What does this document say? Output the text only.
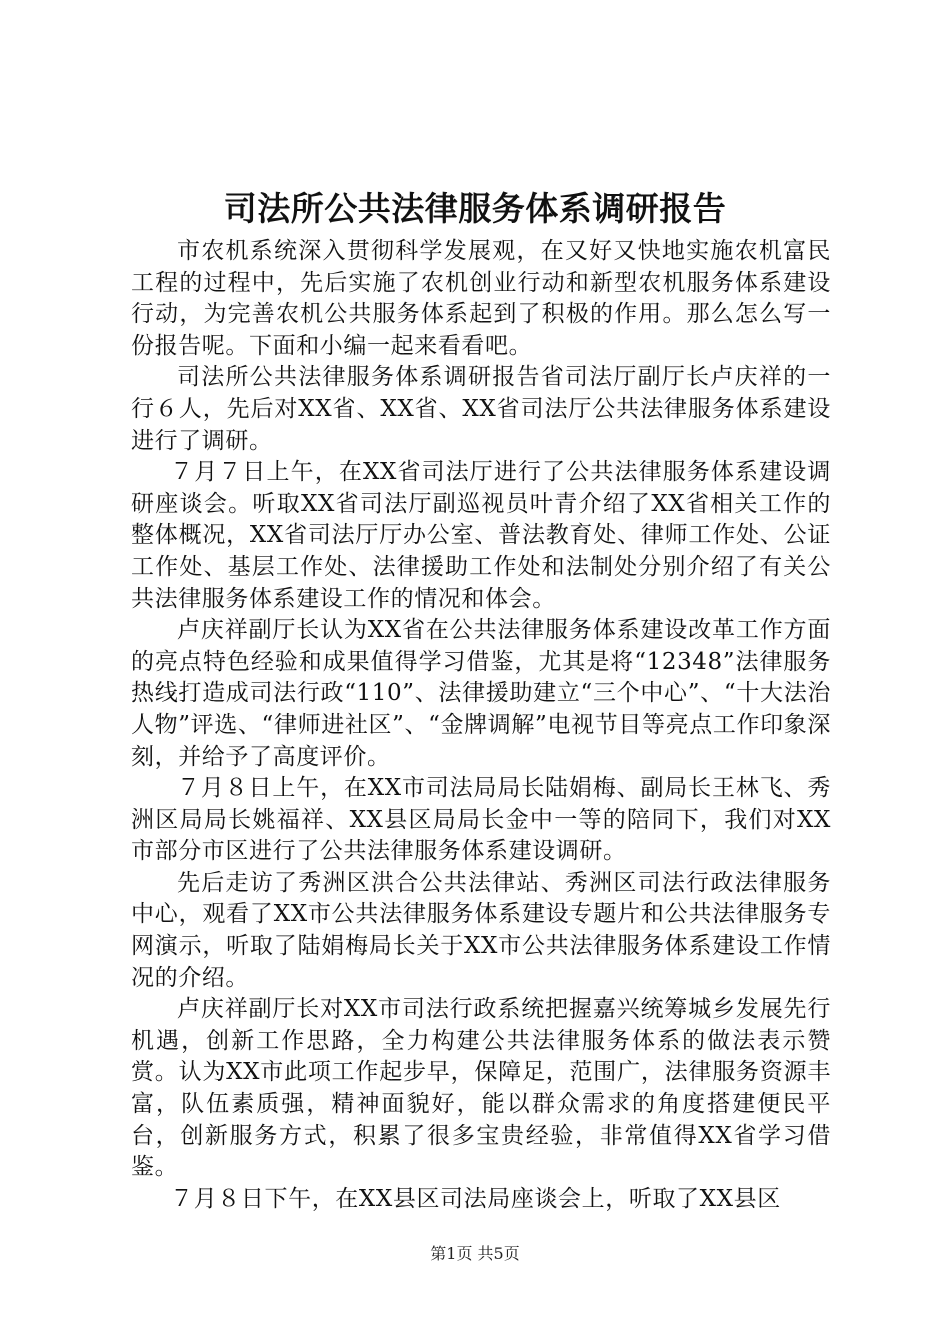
司法所公共法律服务体系调研报告

市农机系统深入贯彻科学发展观，在又好又快地实施农机富民工程的过程中，先后实施了农机创业行动和新型农机服务体系建设行动，为完善农机公共服务体系起到了积极的作用。那么怎么写一份报告呢。下面和小编一起来看看吧。

司法所公共法律服务体系调研报告省司法厅副厅长卢庆祥的一行６人，先后对XX省、XX省、XX省司法厅公共法律服务体系建设进行了调研。

７月７日上午，在XX省司法厅进行了公共法律服务体系建设调研座谈会。听取XX省司法厅副巡视员叶青介绍了XX省相关工作的整体概况，XX省司法厅厅办公室、普法教育处、律师工作处、公证工作处、基层工作处、法律援助工作处和法制处分别介绍了有关公共法律服务体系建设工作的情况和体会。

卢庆祥副厅长认为XX省在公共法律服务体系建设改革工作方面的亮点特色经验和成果值得学习借鉴，尤其是将“12348”法律服务热线打造成司法行政“110”、法律援助建立“三个中心”、“十大法治人物”评选、“律师进社区”、“金牌调解”电视节目等亮点工作印象深刻，并给予了高度评价。

７月８日上午，在XX市司法局局长陆娟梅、副局长王林飞、秀洲区局局长姚福祥、XX县区局局长金中一等的陪同下，我们对XX市部分市区进行了公共法律服务体系建设调研。

先后走访了秀洲区洪合公共法律站、秀洲区司法行政法律服务中心，观看了XX市公共法律服务体系建设专题片和公共法律服务专网演示，听取了陆娟梅局长关于XX市公共法律服务体系建设工作情况的介绍。

卢庆祥副厅长对XX市司法行政系统把握嘉兴统筹城乡发展先行机遇，创新工作思路，全力构建公共法律服务体系的做法表示赞赏。认为XX市此项工作起步早，保障足，范围广，法律服务资源丰富，队伍素质强，精神面貌好，能以群众需求的角度搭建便民平台，创新服务方式，积累了很多宝贵经验，非常值得XX省学习借鉴。

７月８日下午，在XX县区司法局座谈会上，听取了XX县区

第1页 共5页
